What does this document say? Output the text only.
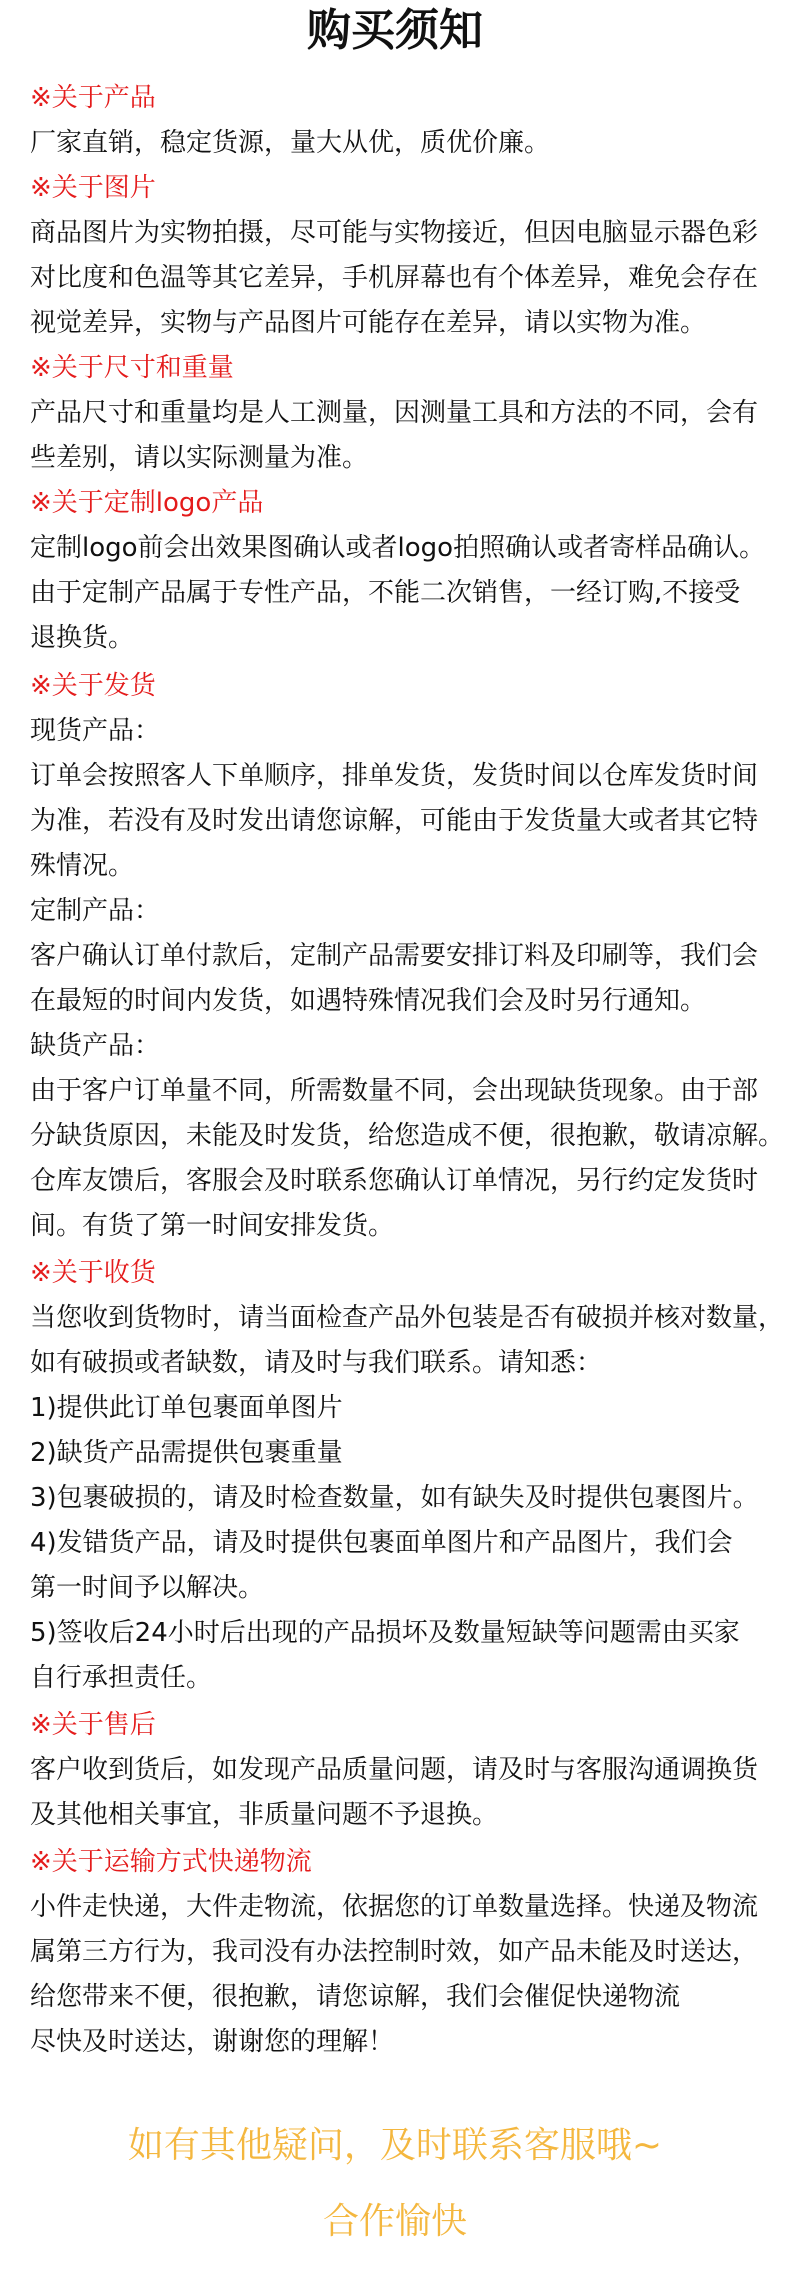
购买须知
※关于产品
厂家直销，稳定货源，量大从优，质优价廉。
※关于图片
商品图片为实物拍摄，尽可能与实物接近，但因电脑显示器色彩
对比度和色温等其它差异，手机屏幕也有个体差异，难免会存在
视觉差异，实物与产品图片可能存在差异，请以实物为准。
※关于尺寸和重量
产品尺寸和重量均是人工测量，因测量工具和方法的不同，会有
些差别，请以实际测量为准。
※关于定制logo产品
定制logo前会出效果图确认或者logo拍照确认或者寄样品确认。
由于定制产品属于专性产品，不能二次销售，一经订购,不接受
退换货。
※关于发货
现货产品：
订单会按照客人下单顺序，排单发货，发货时间以仓库发货时间
为准，若没有及时发出请您谅解，可能由于发货量大或者其它特
殊情况。
定制产品：
客户确认订单付款后，定制产品需要安排订料及印刷等，我们会
在最短的时间内发货，如遇特殊情况我们会及时另行通知。
缺货产品：
由于客户订单量不同，所需数量不同，会出现缺货现象。由于部
分缺货原因，未能及时发货，给您造成不便，很抱歉，敬请凉解。
仓库友馈后，客服会及时联系您确认订单情况，另行约定发货时
间。有货了第一时间安排发货。
※关于收货
当您收到货物时，请当面检查产品外包装是否有破损并核对数量，
如有破损或者缺数，请及时与我们联系。请知悉：
1)提供此订单包裹面单图片
2)缺货产品需提供包裹重量
3)包裹破损的，请及时检查数量，如有缺失及时提供包裹图片。
4)发错货产品，请及时提供包裹面单图片和产品图片，我们会
第一时间予以解决。
5)签收后24小时后出现的产品损坏及数量短缺等问题需由买家
自行承担责任。
※关于售后
客户收到货后，如发现产品质量问题，请及时与客服沟通调换货
及其他相关事宜，非质量问题不予退换。
※关于运输方式快递物流
小件走快递，大件走物流，依据您的订单数量选择。快递及物流
属第三方行为，我司没有办法控制时效，如产品未能及时送达，
给您带来不便，很抱歉，请您谅解，我们会催促快递物流
尽快及时送达，谢谢您的理解！
如有其他疑问，及时联系客服哦~
合作愉快
